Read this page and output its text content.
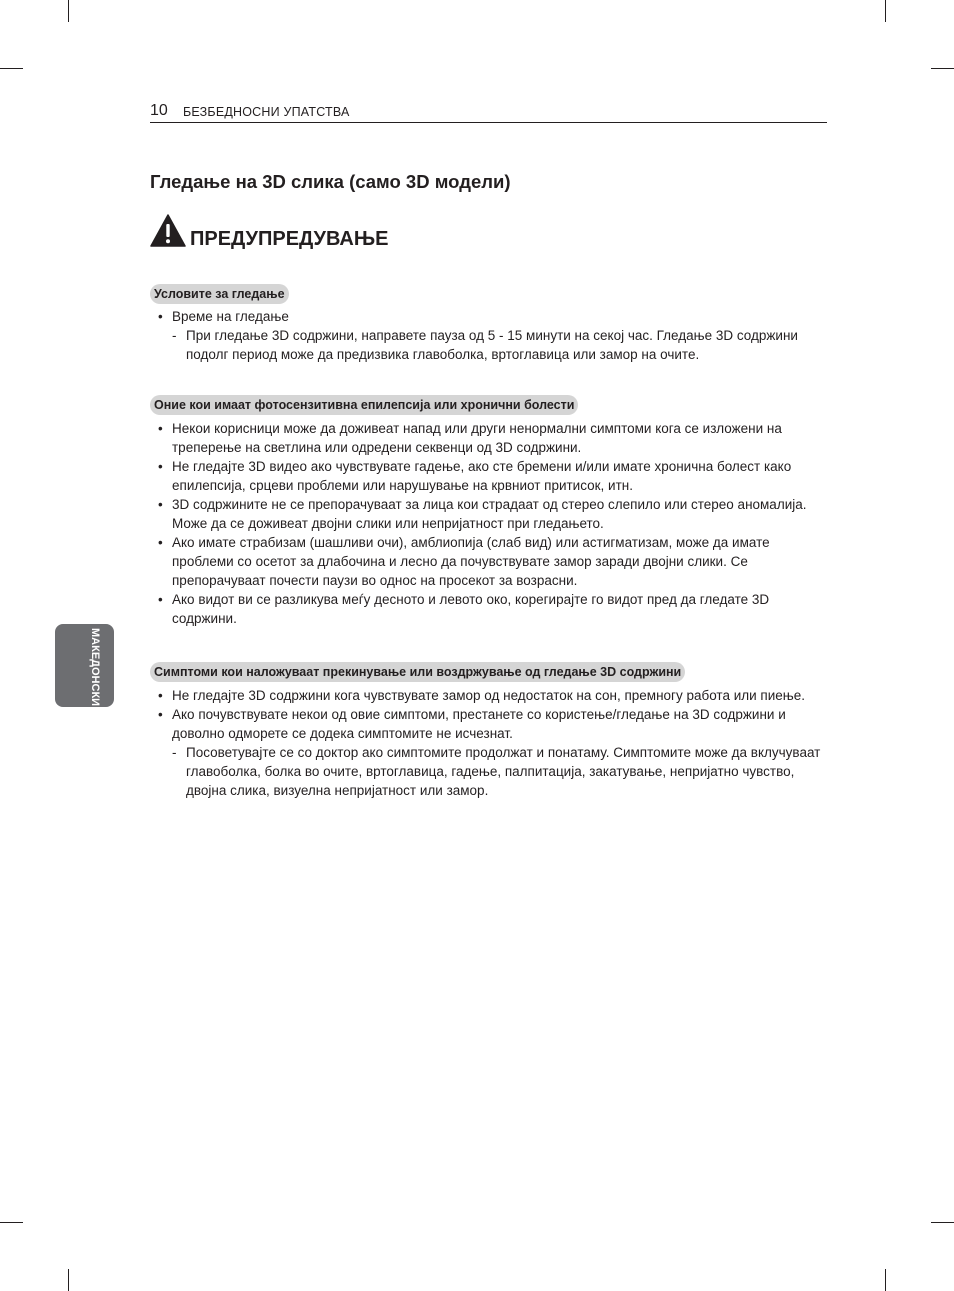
10 БЕЗБЕДНОСНИ УПАТСТВА
Гледање на 3D слика (само 3D модели)
ПРЕДУПРЕДУВАЊЕ
Условите за гледање
• Време на гледање
- При гледање 3D содржини, направете пауза од 5 - 15 минути на секој час. Гледање 3D содржини подолг период може да предизвика главоболка, вртоглавица или замор на очите.
Оние кои имаат фотосензитивна епилепсија или хронични болести
• Некои корисници може да доживеат напад или други ненормални симптоми кога се изложени на треперење на светлина или одредени секвенци од 3D содржини.
• Не гледајте 3D видео ако чувствувате гадење, ако сте бремени и/или имате хронична болест како епилепсија, срцеви проблеми или нарушување на крвниот притисок, итн.
• 3D содржините не се препорачуваат за лица кои страдаат од стерео слепило или стерео аномалија. Може да се доживеат двојни слики или непријатност при гледањето.
• Ако имате страбизам (шашливи очи), амблиопија (слаб вид) или астигматизам, може да имате проблеми со осетот за длабочина и лесно да почувствувате замор заради двојни слики. Се препорачуваат почести паузи во однос на просекот за возрасни.
• Ако видот ви се разликува меѓу десното и левото око, корегирајте го видот пред да гледате 3D содржини.
Симптоми кои наложуваат прекинување или воздржување од гледање 3D содржини
• Не гледајте 3D содржини кога чувствувате замор од недостаток на сон, премногу работа или пиење.
• Ако почувствувате некои од овие симптоми, престанете со користење/гледање на 3D содржини и доволно одморете се додека симптомите не исчезнат.
- Посоветувајте се со доктор ако симптомите продолжат и понатаму. Симптомите може да вклучуваат главоболка, болка во очите, вртоглавица, гадење, палпитација, закатување, непријатно чувство, двојна слика, визуелна непријатност или замор.
МАКЕДОНСКИ
